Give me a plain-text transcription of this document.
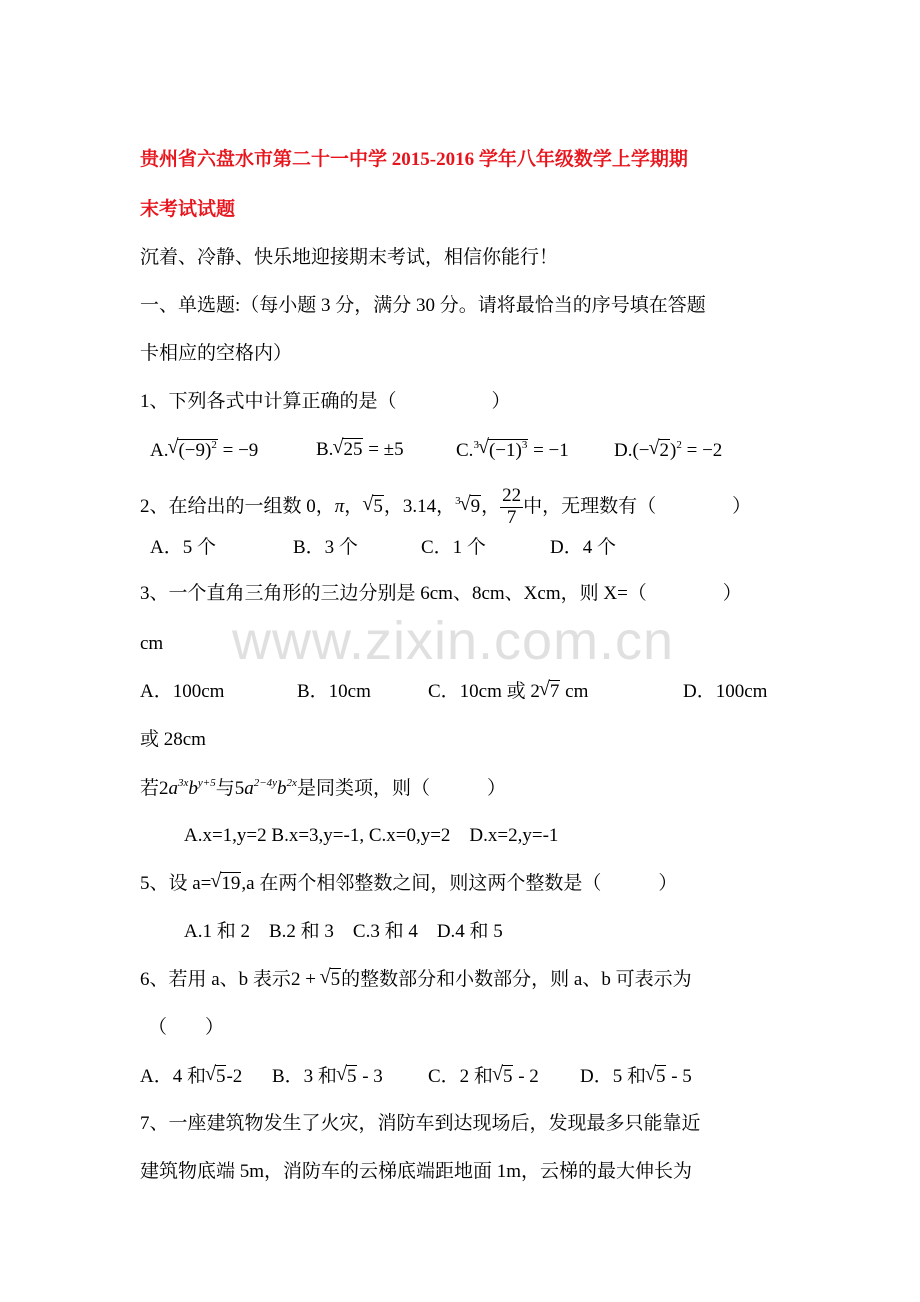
贵州省六盘水市第二十一中学 2015-2016 学年八年级数学上学期期
末考试试题
沉着、冷静、快乐地迎接期末考试，相信你能行！
一、单选题:（每小题 3 分，满分 30 分。请将最恰当的序号填在答题
卡相应的空格内）
1、下列各式中计算正确的是（　　　　　）
A. √ $(-9)^2 = -9$	B. √ 25 = ±5	C.$^3$ √ $(-1)^3 = -1$ D.(− √ 2)$^2$ = −2
2、在给出的一组数 0，π， √ 5，3.14，$^3$ √ 9， $\frac{22}{7}$ 中，无理数有（　　　　）
A．5 个	B．3 个	C．1 个	D．4 个
3、一个直角三角形的三边分别是 6cm、8cm、Xcm，则 X=（　　　　）
cm
A．100cm	B．10cm	C．10cm 或 2 √ 7 cm	D．100cm
或 28cm
若$2a^{3x}b^{y+5}$与$5a^{2-4y}b^{2x}$是同类项，则（　　　）
A.x=1,y=2 B.x=3,y=-1, C.x=0,y=2　D.x=2,y=-1
5、设 a= √ 19,a 在两个相邻整数之间，则这两个整数是（　　　）
A.1 和 2　B.2 和 3　C.3 和 4　D.4 和 5
6、若用 a、b 表示2 + √ 5的整数部分和小数部分，则 a、b 可表示为
（　　）
A．4 和 √ 5-2 B．3 和 √ 5 - 3 C．2 和 √ 5 - 2 D．5 和 √ 5 - 5
7、一座建筑物发生了火灾，消防车到达现场后，发现最多只能靠近
建筑物底端 5m，消防车的云梯底端距地面 1m，云梯的最大伸长为
www.zixin.com.cn
